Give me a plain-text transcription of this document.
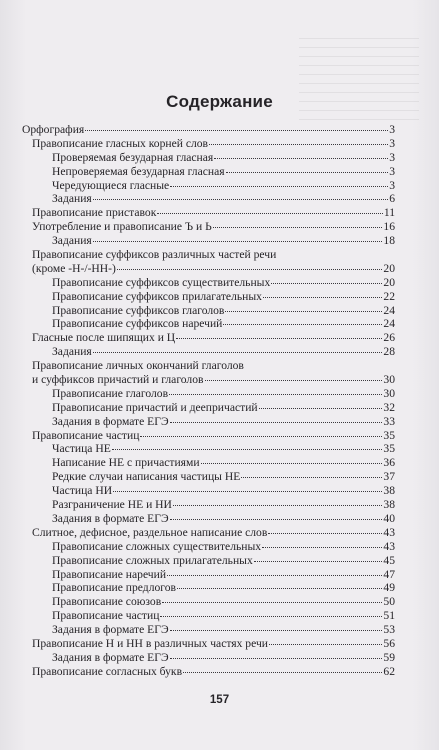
Содержание
Орфография	3
Правописание гласных корней слов	3
Проверяемая безударная гласная	3
Непроверяемая безударная гласная	3
Чередующиеся гласные	3
Задания	6
Правописание приставок	11
Употребление и правописание Ъ и Ь	16
Задания	18
Правописание суффиксов различных частей речи
(кроме -Н-/-НН-)	20
Правописание суффиксов существительных	20
Правописание суффиксов прилагательных	22
Правописание суффиксов глаголов	24
Правописание суффиксов наречий	24
Гласные после шипящих и Ц	26
Задания	28
Правописание личных окончаний глаголов
и суффиксов причастий и глаголов	30
Правописание глаголов	30
Правописание причастий и деепричастий	32
Задания в формате ЕГЭ	33
Правописание частиц	35
Частица НЕ	35
Написание НЕ с причастиями	36
Редкие случаи написания частицы НЕ	37
Частица НИ	38
Разграничение НЕ и НИ	38
Задания в формате ЕГЭ	40
Слитное, дефисное, раздельное написание слов	43
Правописание сложных существительных	43
Правописание сложных прилагательных	45
Правописание наречий	47
Правописание предлогов	49
Правописание союзов	50
Правописание частиц	51
Задания в формате ЕГЭ	53
Правописание Н и НН в различных частях речи	56
Задания в формате ЕГЭ	59
Правописание согласных букв	62
157
